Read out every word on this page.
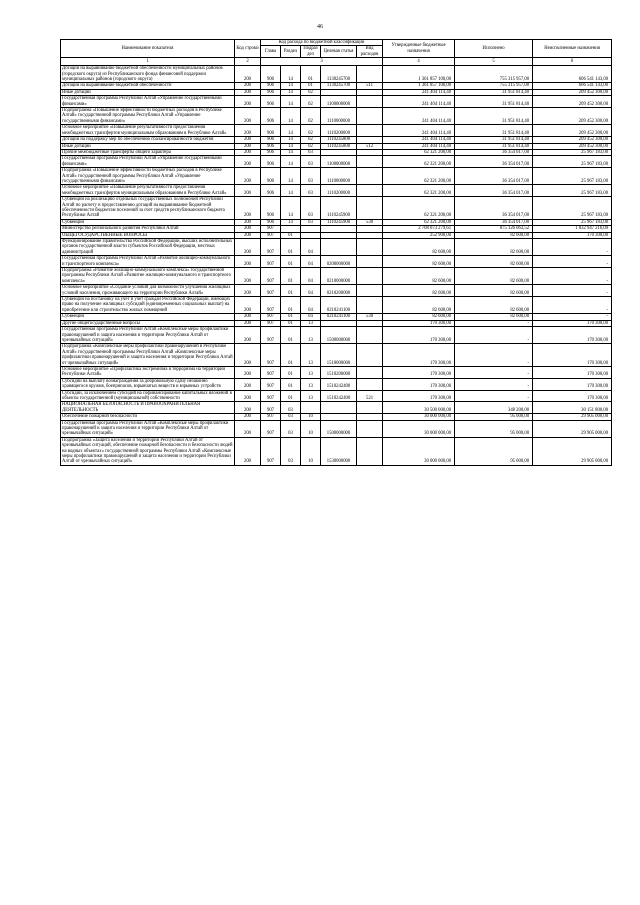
46
Наименование показателя	Код строки	Код расхода по бюджетной классификации					Утвержденные бюджетные назначения	Исполнено	Неисполненные назначения
		Глава	Раздел	Подраз дел	Целевая статья	Вид расходов			
1	2	3					4	5	6
Дотации на выравнивание бюджетной обеспеченности муниципальных районов (городского округа) из Республиканского фонда финансовой поддержки муниципальных районов (городского округа)	200	906	14	01	1130245700		1 361 857 100,00	755 315 957,00	606 541 143,00
Дотации на выравнивание бюджетной обеспеченности	200	906	14	01	1130245700	511	1 361 857 100,00	755 315 957,00	606 541 143,00
Иные дотации	200	906	14	02			241 404 114,40	31 951 814,40	209 452 300,00
Государственная программа Республики Алтай «Управление государственными финансами»	200	906	14	02	1100000000		241 404 114,40	31 951 814,40	209 452 300,00
Подпрограмма «Повышение эффективности бюджетных расходов в Республике Алтай» государственной программы Республики Алтай «Управление государственными финансами»	200	906	14	02	1110000000		241 404 114,40	31 951 814,40	209 452 300,00
Основное мероприятие «Повышение результативности предоставления межбюджетных трансфертов муниципальным образованиям в Республике Алтай»	200	906	14	02	1110200000		241 404 114,40	31 951 814,40	209 452 300,00
Дотации на поддержку мер по обеспечению сбалансированности бюджетов	200	906	14	02	1110245800		241 404 114,40	31 951 814,40	209 452 300,00
Иные дотации	200	906	14	02	1110245800	512	241 404 114,40	31 951 814,40	209 452 300,00
Прочие межбюджетные трансферты общего характера	200	906	14	03			62 321 200,00	36 354 017,00	25 967 183,00
Государственная программа Республики Алтай «Управление государственными финансами»	200	906	14	03	1100000000		62 321 200,00	36 354 017,00	25 967 183,00
Подпрограмма «Повышение эффективности бюджетных расходов в Республике Алтай» государственной программы Республики Алтай «Управление государственными финансами»	200	906	14	03	1110000000		62 321 200,00	36 354 017,00	25 967 183,00
Основное мероприятие «Повышение результативности предоставления межбюджетных трансфертов муниципальным образованиям в Республике Алтай»	200	906	14	03	1110200000		62 321 200,00	36 354 017,00	25 967 183,00
Субвенции на реализацию отдельных государственных полномочий Республики Алтай по расчету и предоставлению дотаций на выравнивание бюджетной обеспеченности бюджетам поселений за счет средств республиканского бюджета Республики Алтай	200	906	14	03	1110245900		62 321 200,00	36 354 017,00	25 967 183,00
Субвенции	200	906	14	03	1110245900	530	62 321 200,00	36 354 017,00	25 967 183,00
Министерство регионального развития Республики Алтай	200	907					2 708 073 279,61	875 126 063,52	1 832 947 216,09
ОБЩЕГОСУДАРСТВЕННЫЕ ВОПРОСЫ	200	907	01				252 900,00	82 600,00	170 300,00
Функционирование Правительства Российской Федерации, высших исполнительных органов государственной власти субъектов Российской Федерации, местных администраций	200	907	01	04			82 600,00	82 600,00	-
Государственная программа Республики Алтай «Развитие жилищно-коммунального и транспортного комплекса»	200	907	01	04	0200000000		82 600,00	82 600,00	-
Подпрограмма «Развитие жилищно-коммунального комплекса» государственной программы Республики Алтай «Развитие жилищно-коммунального и транспортного комплекса»	200	907	01	04	0210000000		82 600,00	82 600,00	-
Основное мероприятие «Создание условий для возможности улучшения жилищных условий населения, проживающего на территории Республики Алтай»	200	907	01	04	0210200000		82 600,00	82 600,00	-
Субвенции на постановку на учет и учет граждан Российской Федерации, имеющих право на получение жилищных субсидий (единовременных социальных выплат) на приобретение или строительство жилых помещений	200	907	01	04	0210241100		82 600,00	82 600,00	-
Субвенции	200	907	01	04	0210241100	530	82 600,00	82 600,00	-
Другие общегосударственные вопросы	200	907	01	13			170 300,00	-	170 300,00
Государственная программа Республики Алтай «Комплексные меры профилактики правонарушений и защита населения и территории Республики Алтай от чрезвычайных ситуаций»	200	907	01	13	1500000000		170 300,00	-	170 300,00
Подпрограмма «Комплексные меры профилактики правонарушений в Республике Алтай» государственной программы Республики Алтай «Комплексные меры профилактики правонарушений и защита населения и территории Республики Алтай от чрезвычайных ситуаций»	200	907	01	13	1510000000		170 300,00	-	170 300,00
Основное мероприятие «Профилактика экстремизма и терроризма на территории Республики Алтай»	200	907	01	13	1510200000		170 300,00	-	170 300,00
Субсидии на выплату вознаграждения за добровольную сдачу незаконно хранящегося оружия, боеприпасов, взрывчатых веществ и взрывных устройств	200	907	01	13	1510242400		170 300,00	-	170 300,00
Субсидии, за исключением субсидий на софинансирование капитальных вложений в объекты государственной (муниципальной) собственности	200	907	01	13	1510242400	521	170 300,00	-	170 300,00
НАЦИОНАЛЬНАЯ БЕЗОПАСНОСТЬ И ПРАВООХРАНИТЕЛЬНАЯ ДЕЯТЕЛЬНОСТЬ	200	907	03				30 500 000,00	348 200,00	30 151 800,00
Обеспечение пожарной безопасности	200	907	03	10			30 000 000,00	95 000,00	29 905 000,00
Государственная программа Республики Алтай «Комплексные меры профилактики правонарушений и защита населения и территории Республики Алтай от чрезвычайных ситуаций»	200	907	03	10	1500000000		30 000 000,00	95 000,00	29 905 000,00
Подпрограмма «Защита населения и территории Республики Алтай от чрезвычайных ситуаций, обеспечение пожарной безопасности и безопасности людей на водных объектах» государственной программы Республики Алтай «Комплексные меры профилактики правонарушений и защита населения и территории Республики Алтай от чрезвычайных ситуаций»	200	907	03	10	1530000000		30 000 000,00	95 000,00	29 905 000,00
